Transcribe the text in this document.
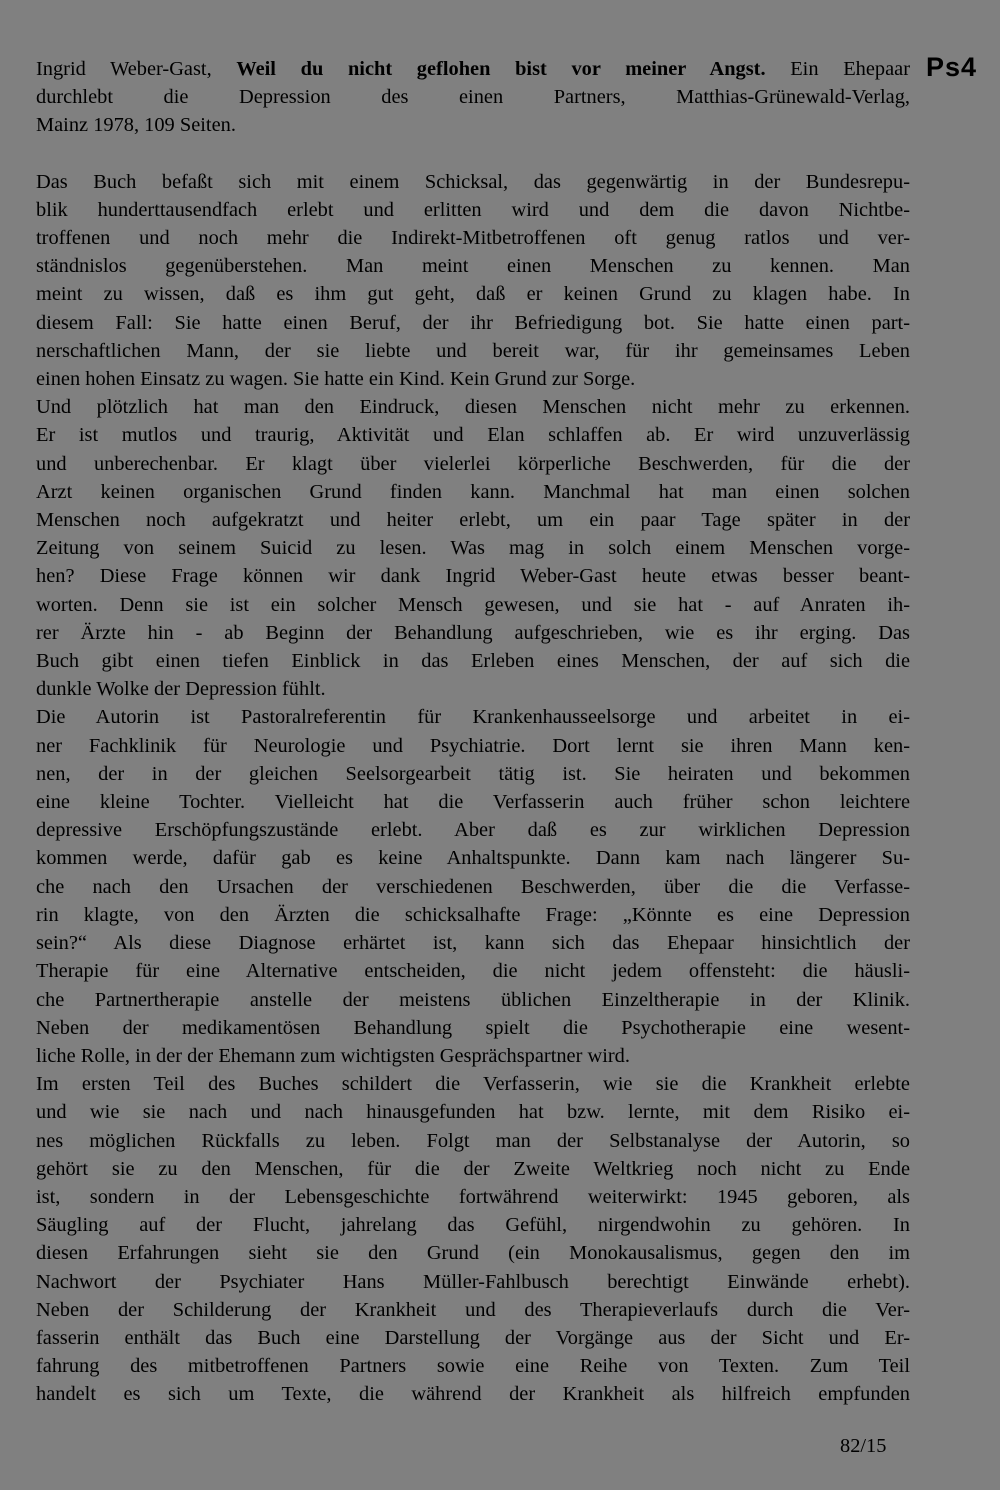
Ps4
Ingrid Weber-Gast, Weil du nicht geflohen bist vor meiner Angst. Ein Ehepaar
durchlebt die Depression des einen Partners, Matthias-Grünewald-Verlag,
Mainz 1978, 109 Seiten.
Das Buch befaßt sich mit einem Schicksal, das gegenwärtig in der Bundesrepu-
blik hunderttausendfach erlebt und erlitten wird und dem die davon Nichtbe-
troffenen und noch mehr die Indirekt-Mitbetroffenen oft genug ratlos und ver-
ständnislos gegenüberstehen. Man meint einen Menschen zu kennen. Man
meint zu wissen, daß es ihm gut geht, daß er keinen Grund zu klagen habe. In
diesem Fall: Sie hatte einen Beruf, der ihr Befriedigung bot. Sie hatte einen part-
nerschaftlichen Mann, der sie liebte und bereit war, für ihr gemeinsames Leben
einen hohen Einsatz zu wagen. Sie hatte ein Kind. Kein Grund zur Sorge.
Und plötzlich hat man den Eindruck, diesen Menschen nicht mehr zu erkennen.
Er ist mutlos und traurig, Aktivität und Elan schlaffen ab. Er wird unzuverlässig
und unberechenbar. Er klagt über vielerlei körperliche Beschwerden, für die der
Arzt keinen organischen Grund finden kann. Manchmal hat man einen solchen
Menschen noch aufgekratzt und heiter erlebt, um ein paar Tage später in der
Zeitung von seinem Suicid zu lesen. Was mag in solch einem Menschen vorge-
hen? Diese Frage können wir dank Ingrid Weber-Gast heute etwas besser beant-
worten. Denn sie ist ein solcher Mensch gewesen, und sie hat - auf Anraten ih-
rer Ärzte hin - ab Beginn der Behandlung aufgeschrieben, wie es ihr erging. Das
Buch gibt einen tiefen Einblick in das Erleben eines Menschen, der auf sich die
dunkle Wolke der Depression fühlt.
Die Autorin ist Pastoralreferentin für Krankenhausseelsorge und arbeitet in ei-
ner Fachklinik für Neurologie und Psychiatrie. Dort lernt sie ihren Mann ken-
nen, der in der gleichen Seelsorgearbeit tätig ist. Sie heiraten und bekommen
eine kleine Tochter. Vielleicht hat die Verfasserin auch früher schon leichtere
depressive Erschöpfungszustände erlebt. Aber daß es zur wirklichen Depression
kommen werde, dafür gab es keine Anhaltspunkte. Dann kam nach längerer Su-
che nach den Ursachen der verschiedenen Beschwerden, über die die Verfasse-
rin klagte, von den Ärzten die schicksalhafte Frage: „Könnte es eine Depression
sein?“ Als diese Diagnose erhärtet ist, kann sich das Ehepaar hinsichtlich der
Therapie für eine Alternative entscheiden, die nicht jedem offensteht: die häusli-
che Partnertherapie anstelle der meistens üblichen Einzeltherapie in der Klinik.
Neben der medikamentösen Behandlung spielt die Psychotherapie eine wesent-
liche Rolle, in der der Ehemann zum wichtigsten Gesprächspartner wird.
Im ersten Teil des Buches schildert die Verfasserin, wie sie die Krankheit erlebte
und wie sie nach und nach hinausgefunden hat bzw. lernte, mit dem Risiko ei-
nes möglichen Rückfalls zu leben. Folgt man der Selbstanalyse der Autorin, so
gehört sie zu den Menschen, für die der Zweite Weltkrieg noch nicht zu Ende
ist, sondern in der Lebensgeschichte fortwährend weiterwirkt: 1945 geboren, als
Säugling auf der Flucht, jahrelang das Gefühl, nirgendwohin zu gehören. In
diesen Erfahrungen sieht sie den Grund (ein Monokausalismus, gegen den im
Nachwort der Psychiater Hans Müller-Fahlbusch berechtigt Einwände erhebt).
Neben der Schilderung der Krankheit und des Therapieverlaufs durch die Ver-
fasserin enthält das Buch eine Darstellung der Vorgänge aus der Sicht und Er-
fahrung des mitbetroffenen Partners sowie eine Reihe von Texten. Zum Teil
handelt es sich um Texte, die während der Krankheit als hilfreich empfunden
82/15
